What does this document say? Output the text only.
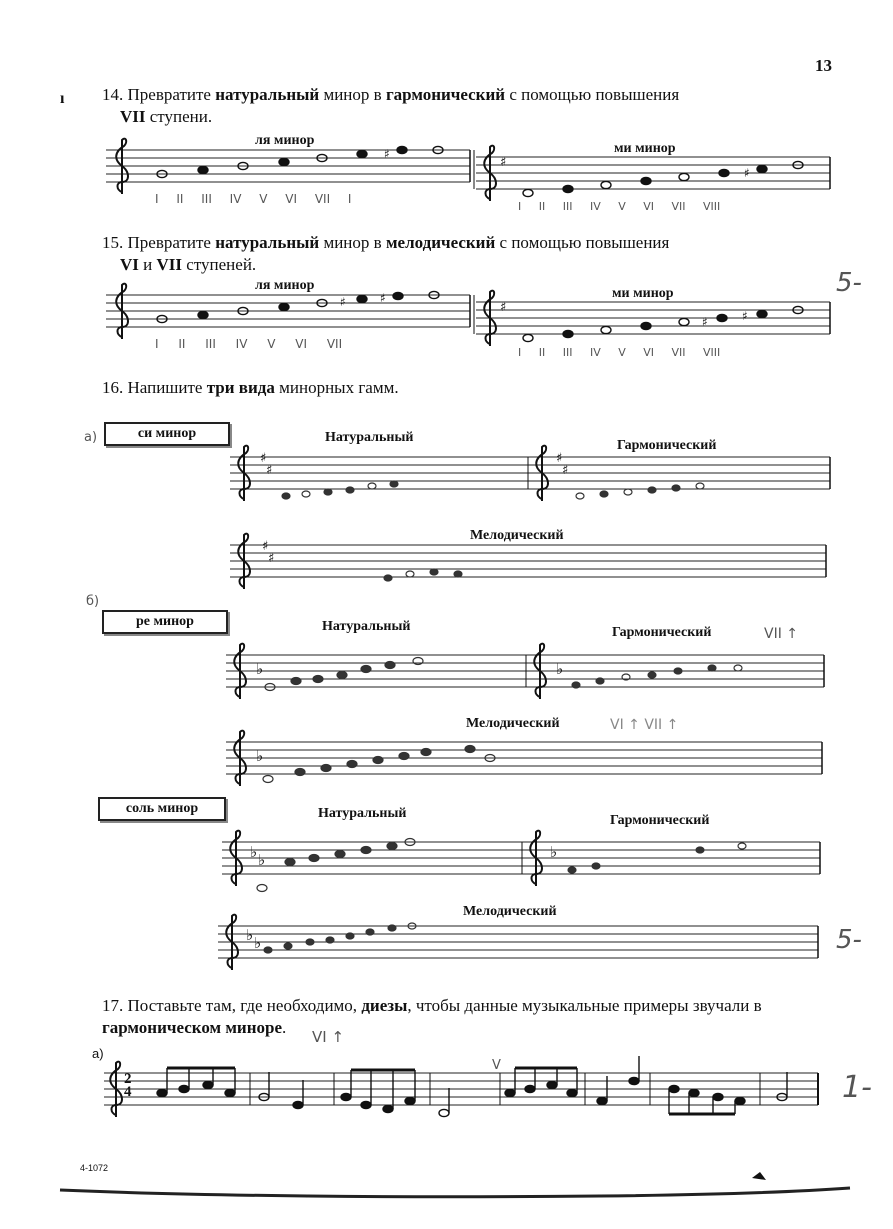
13
ı 14. Превратите натуральный минор в гармонический с помощью повышения
VII ступени.
ля минор
ми минор
I II III IV V VI VII I
I II III IV V VI VII VIII
15. Превратите натуральный минор в мелодический с помощью повышения
VI и VII ступеней.
ля минор
ми минор
I II III IV V VI VII
I II III IV V VI VII VIII
5-
16. Напишите три вида минорных гамм.
а)
б)
си минор	Натуральный
Гармонический
Мелодический
ре минор	Натуральный	Гармонический
Мелодический
VII ↑
VI ↑ VII ↑
соль минор	Натуральный	Гармонический
Мелодический
5-
17. Поставьте там, где необходимо, диезы, чтобы данные музыкальные примеры звучали в гармоническом миноре.
а)
VI ↑
V
2
4	1-
4-1072
♯
♯
♯
♯
♯
♯
♯
♯
♭	♭
♭
♭ ♭	♭
♭ ♭
♯
♯
♯	♯
♯	♯
